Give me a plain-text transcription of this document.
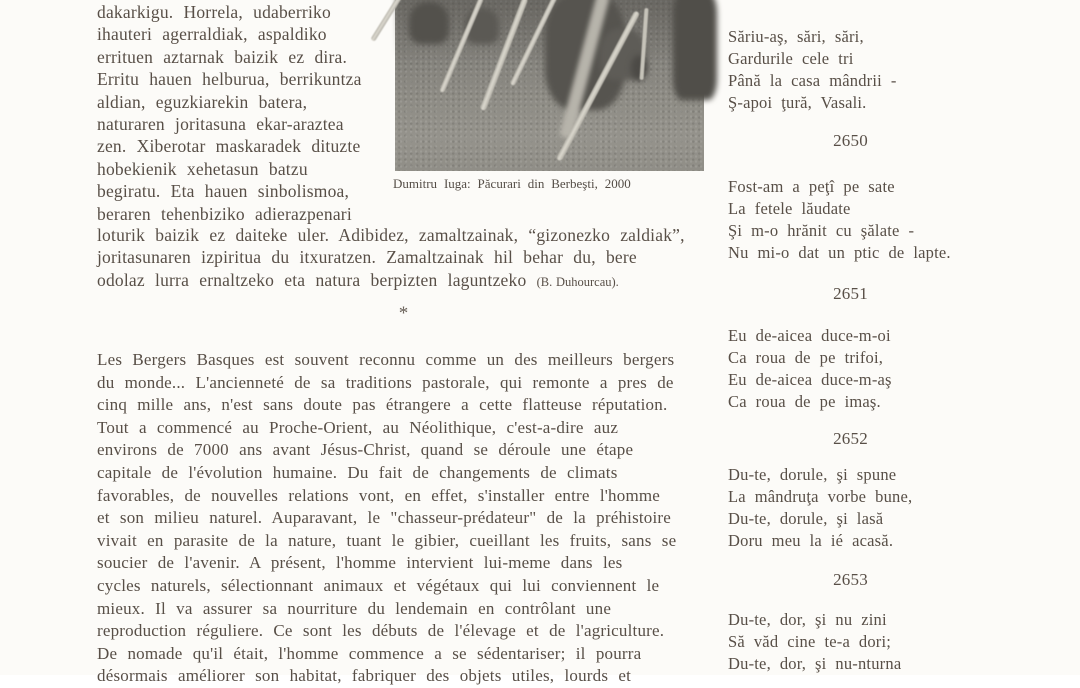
dakarkigu. Horrela, udaberriko
ihauteri agerraldiak, aspaldiko
errituen aztarnak baizik ez dira.
Erritu hauen helburua, berrikuntza
aldian, eguzkiarekin batera,
naturaren joritasuna ekar-araztea
zen. Xiberotar maskaradek dituzte
hobekienik xehetasun batzu
begiratu. Eta hauen sinbolismoa,
beraren tehenbiziko adierazpenari
loturik baizik ez daiteke uler. Adibidez, zamaltzainak, “gizonezko zaldiak”,
joritasunaren izpiritua du itxuratzen. Zamaltzainak hil behar du, bere
odolaz lurra ernaltzeko eta natura berpizten laguntzeko (B. Duhourcau).
Dumitru Iuga: Păcurari din Berbeşti, 2000
*
Les Bergers Basques est souvent reconnu comme un des meilleurs bergers
du monde... L'ancienneté de sa traditions pastorale, qui remonte a pres de
cinq mille ans, n'est sans doute pas étrangere a cette flatteuse réputation.
Tout a commencé au Proche-Orient, au Néolithique, c'est-a-dire auz
environs de 7000 ans avant Jésus-Christ, quand se déroule une étape
capitale de l'évolution humaine. Du fait de changements de climats
favorables, de nouvelles relations vont, en effet, s'installer entre l'homme
et son milieu naturel. Auparavant, le "chasseur-prédateur" de la préhistoire
vivait en parasite de la nature, tuant le gibier, cueillant les fruits, sans se
soucier de l'avenir. A présent, l'homme intervient lui-meme dans les
cycles naturels, sélectionnant animaux et végétaux qui lui conviennent le
mieux. Il va assurer sa nourriture du lendemain en contrôlant une
reproduction réguliere. Ce sont les débuts de l'élevage et de l'agriculture.
De nomade qu'il était, l'homme commence a se sédentariser; il pourra
désormais améliorer son habitat, fabriquer des objets utiles, lourds et
Săriu-aş, sări, sări,
Gardurile cele tri
Până la casa mândrii -
Ş-apoi ţură, Vasali.
2650
Fost-am a peţî pe sate
La fetele lăudate
Şi m-o hrănit cu şălate -
Nu mi-o dat un ptic de lapte.
2651
Eu de-aicea duce-m-oi
Ca roua de pe trifoi,
Eu de-aicea duce-m-aş
Ca roua de pe imaş.
2652
Du-te, dorule, şi spune
La mândruţa vorbe bune,
Du-te, dorule, şi lasă
Doru meu la ié acasă.
2653
Du-te, dor, şi nu zini
Să văd cine te-a dori;
Du-te, dor, şi nu-nturna
